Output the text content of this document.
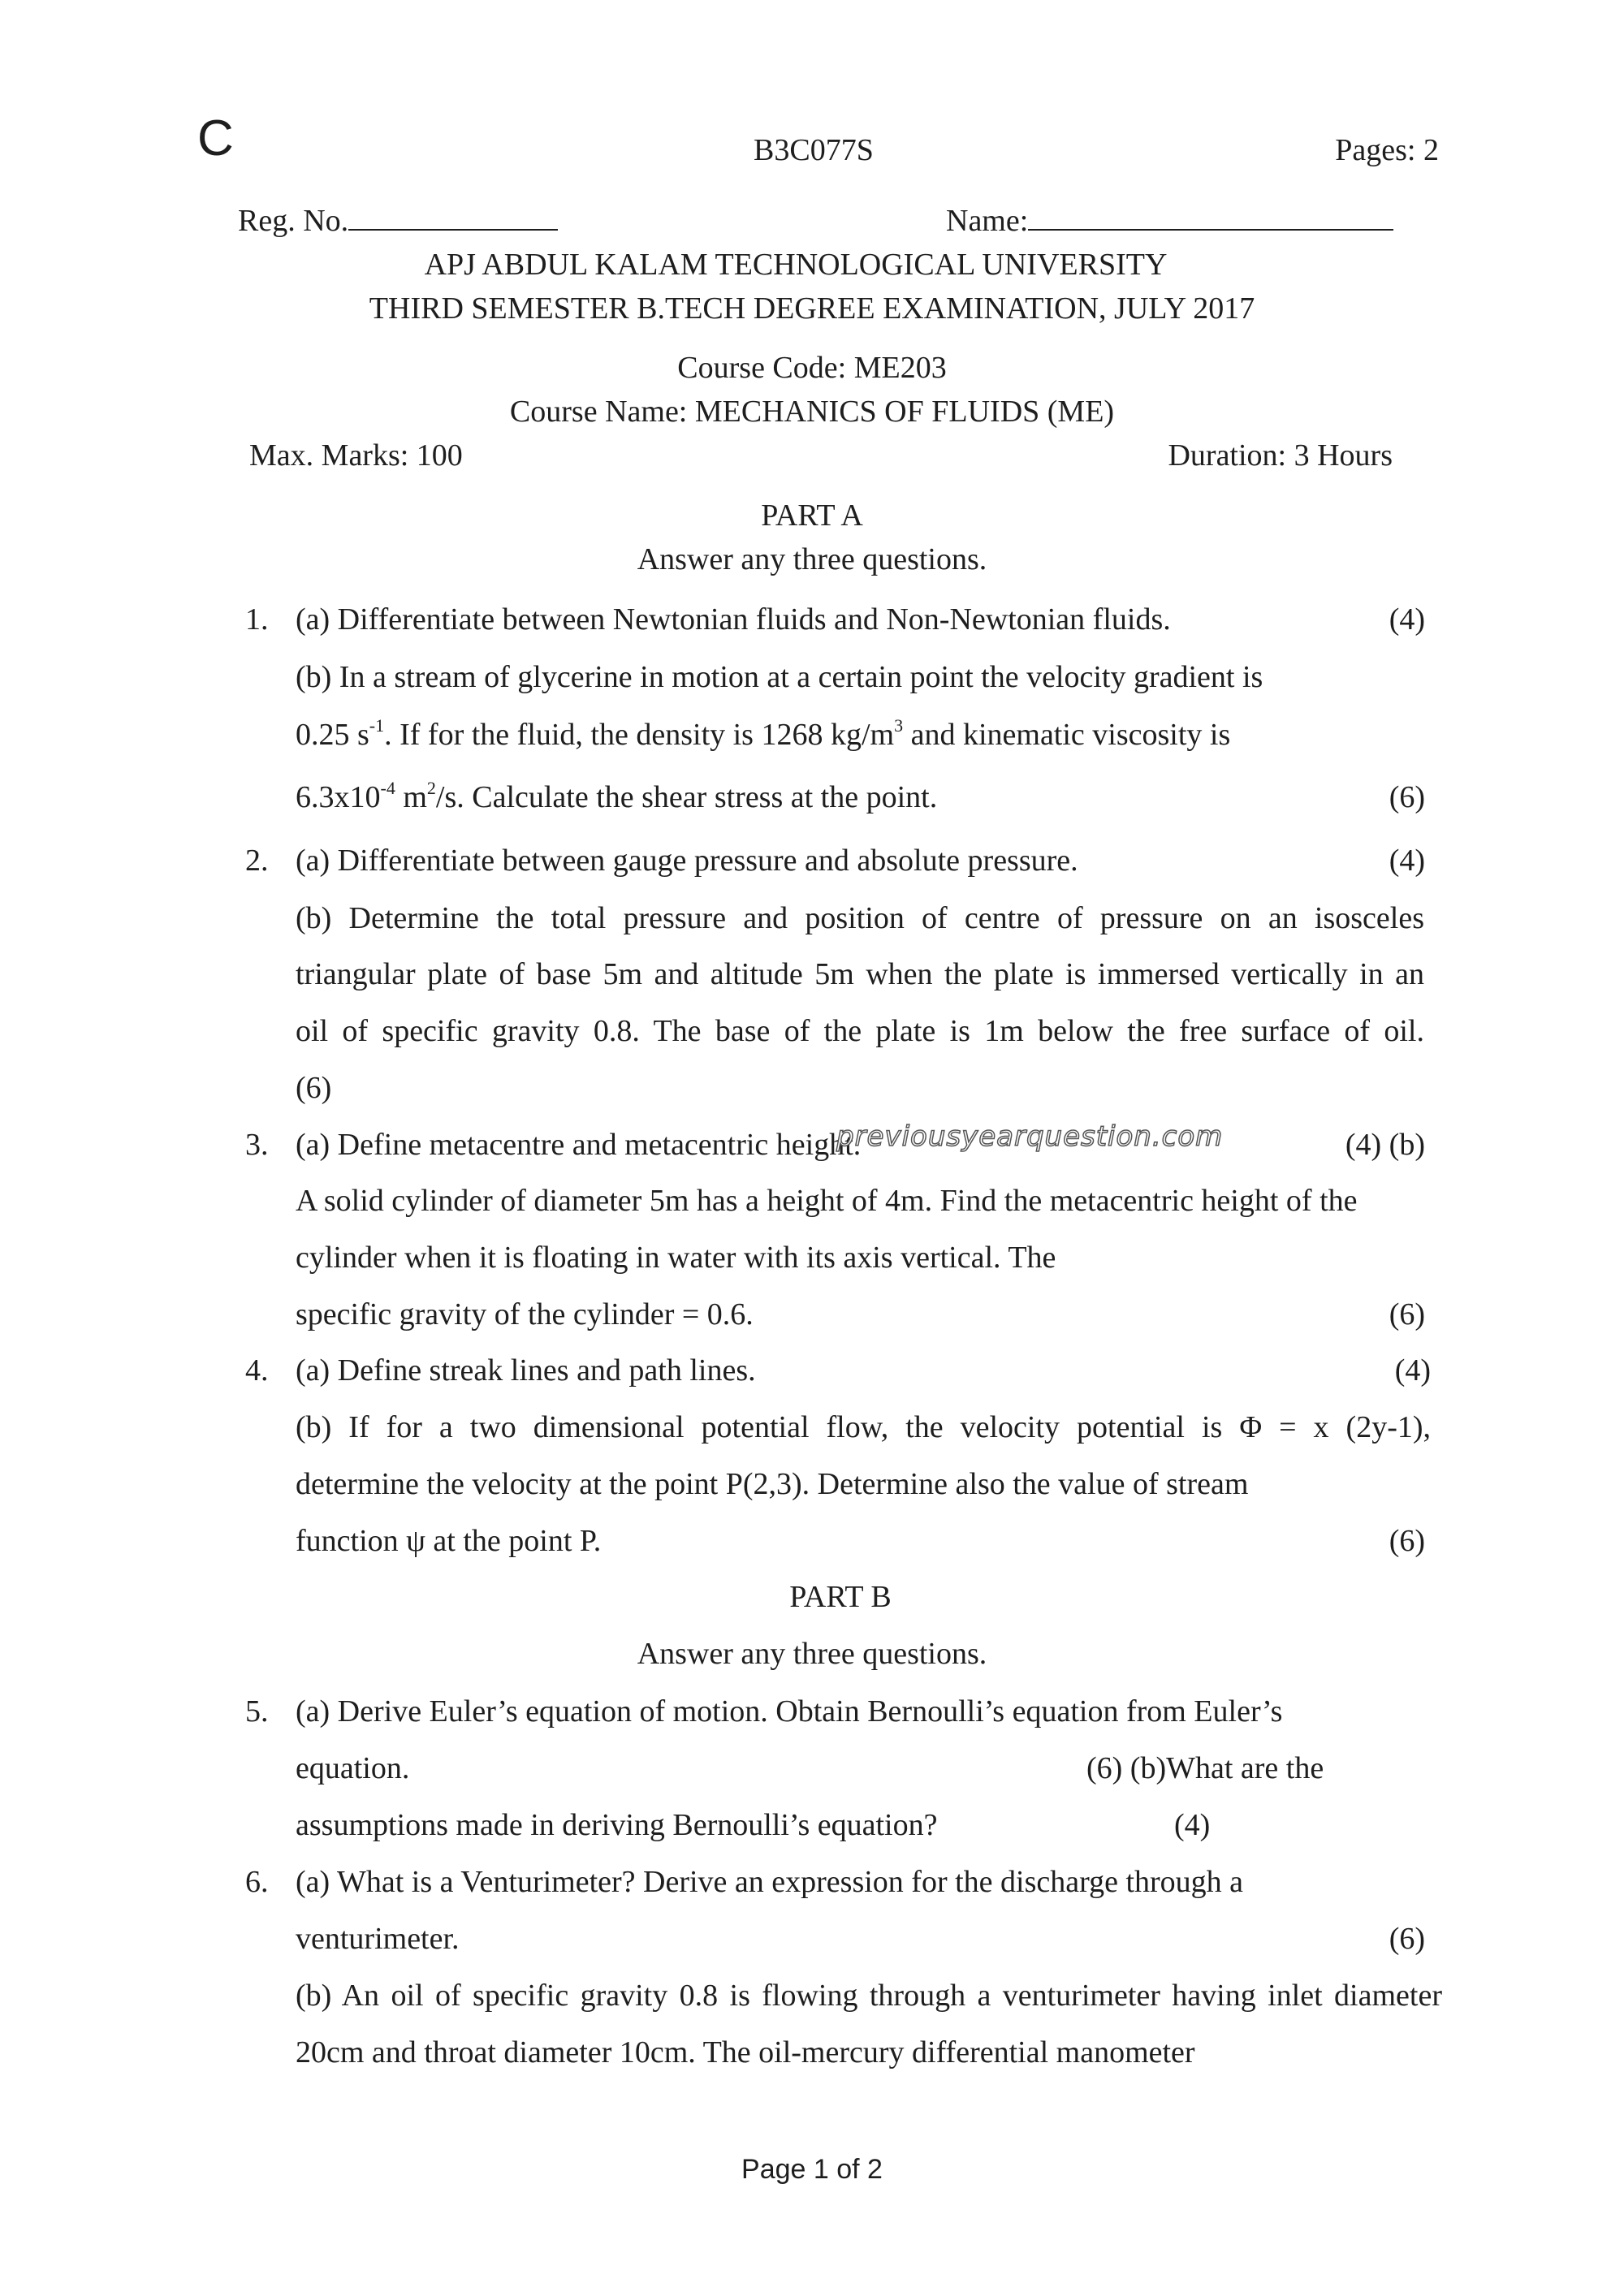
C	B3C077S	Pages: 2
Reg. No.	Name:
APJ ABDUL KALAM TECHNOLOGICAL UNIVERSITY
THIRD SEMESTER B.TECH DEGREE EXAMINATION, JULY 2017
Course Code: ME203
Course Name: MECHANICS OF FLUIDS (ME)
Max. Marks: 100	Duration: 3 Hours
PART A
Answer any three questions.
1. (a) Differentiate between Newtonian fluids and Non-Newtonian fluids.	(4)
(b) In a stream of glycerine in motion at a certain point the velocity gradient is
0.25 $s^{-1}$. If for the fluid, the density is 1268 $kg/m^3$ and kinematic viscosity is
$6.3x10^{-4}$ $m^2/s$. Calculate the shear stress at the point.	(6)
2. (a) Differentiate between gauge pressure and absolute pressure.	(4)
(b) Determine the total pressure and position of centre of pressure on an isosceles
triangular plate of base 5m and altitude 5m when the plate is immersed vertically in an
oil of specific gravity 0.8. The base of the plate is 1m below the free surface of oil.
(6)
3. (a) Define metacentre and metacentric height.	(4) (b)
A solid cylinder of diameter 5m has a height of 4m. Find the metacentric height of the
cylinder when it is floating in water with its axis vertical. The
specific gravity of the cylinder = 0.6.	(6)
4. (a) Define streak lines and path lines.	(4)
(b) If for a two dimensional potential flow, the velocity potential is Φ = x (2y-1),
determine the velocity at the point P(2,3). Determine also the value of stream
function ψ at the point P.	(6)
PART B
Answer any three questions.
5. (a) Derive Euler’s equation of motion. Obtain Bernoulli’s equation from Euler’s
equation.	(6) (b)What are the
assumptions made in deriving Bernoulli’s equation?	(4)
6. (a) What is a Venturimeter? Derive an expression for the discharge through a
venturimeter.	(6)
(b) An oil of specific gravity 0.8 is flowing through a venturimeter having inlet diameter
20cm and throat diameter 10cm. The oil-mercury differential manometer
previousyearquestion.com
Page 1 of 2
